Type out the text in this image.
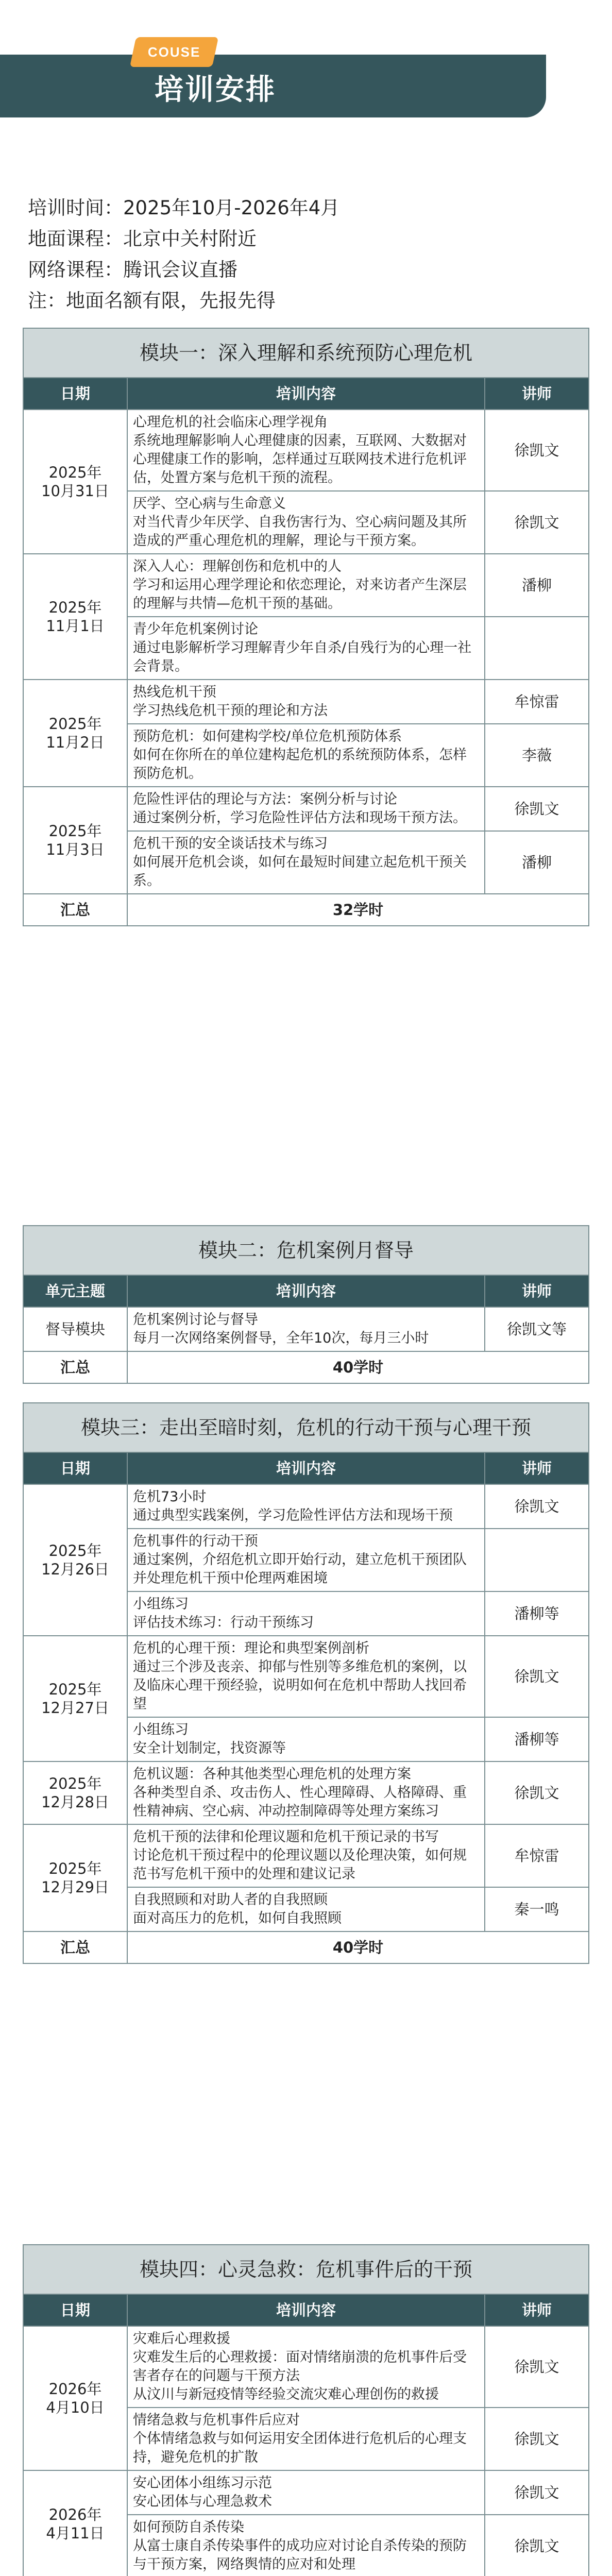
COUSE
培训安排
培训时间：2025年10月-2026年4月
地面课程：北京中关村附近
网络课程：腾讯会议直播
注：地面名额有限，先报先得
模块一：深入理解和系统预防心理危机		
日期	培训内容	讲师
2025年
10月31日	心理危机的社会临床心理学视角
系统地理解影响人心理健康的因素，互联网、大数据对心理健康工作的影响，怎样通过互联网技术进行危机评估，处置方案与危机干预的流程。	徐凯文
	厌学、空心病与生命意义
对当代青少年厌学、自我伤害行为、空心病问题及其所造成的严重心理危机的理解，理论与干预方案。	徐凯文
2025年
11月1日	深入人心：理解创伤和危机中的人
学习和运用心理学理论和依恋理论，对来访者产生深层的理解与共情—危机干预的基础。	潘柳
	青少年危机案例讨论
通过电影解析学习理解青少年自杀/自残行为的心理一社会背景。	
2025年
11月2日	热线危机干预
学习热线危机干预的理论和方法	牟惊雷
	预防危机：如何建构学校/单位危机预防体系
如何在你所在的单位建构起危机的系统预防体系，怎样预防危机。	李薇
2025年
11月3日	危险性评估的理论与方法：案例分析与讨论
通过案例分析，学习危险性评估方法和现场干预方法。	徐凯文
	危机干预的安全谈话技术与练习
如何展开危机会谈，如何在最短时间建立起危机干预关系。	潘柳
汇总	32学时	
模块二：危机案例月督导		
单元主题	培训内容	讲师
督导模块	危机案例讨论与督导
每月一次网络案例督导，全年10次，每月三小时	徐凯文等
汇总	40学时	
模块三：走出至暗时刻，危机的行动干预与心理干预		
日期	培训内容	讲师
2025年
12月26日	危机73小时
通过典型实践案例，学习危险性评估方法和现场干预	徐凯文
	危机事件的行动干预
通过案例，介绍危机立即开始行动，建立危机干预团队并处理危机干预中伦理两难困境	
	小组练习
评估技术练习：行动干预练习	潘柳等
2025年
12月27日	危机的心理干预：理论和典型案例剖析
通过三个涉及丧亲、抑郁与性别等多维危机的案例，以及临床心理干预经验，说明如何在危机中帮助人找回希望	徐凯文
	小组练习
安全计划制定，找资源等	潘柳等
2025年
12月28日	危机议题：各种其他类型心理危机的处理方案
各种类型自杀、攻击伤人、性心理障碍、人格障碍、重性精神病、空心病、冲动控制障碍等处理方案练习	徐凯文
2025年
12月29日	危机干预的法律和伦理议题和危机干预记录的书写
讨论危机干预过程中的伦理议题以及伦理决策，如何规范书写危机干预中的处理和建议记录	牟惊雷
	自我照顾和对助人者的自我照顾
面对高压力的危机，如何自我照顾	秦一鸣
汇总	40学时	
模块四：心灵急救：危机事件后的干预		
日期	培训内容	讲师
2026年
4月10日	灾难后心理救援
灾难发生后的心理救援：面对情绪崩溃的危机事件后受害者存在的问题与干预方法
从汶川与新冠疫情等经验交流灾难心理创伤的救援	徐凯文
	情绪急救与危机事件后应对
个体情绪急救与如何运用安全团体进行危机后的心理支持，避免危机的扩散	徐凯文
2026年
4月11日	安心团体小组练习示范
安心团体与心理急救术	徐凯文
	如何预防自杀传染
从富士康自杀传染事件的成功应对讨论自杀传染的预防与干预方案，网络舆情的应对和处理	徐凯文
